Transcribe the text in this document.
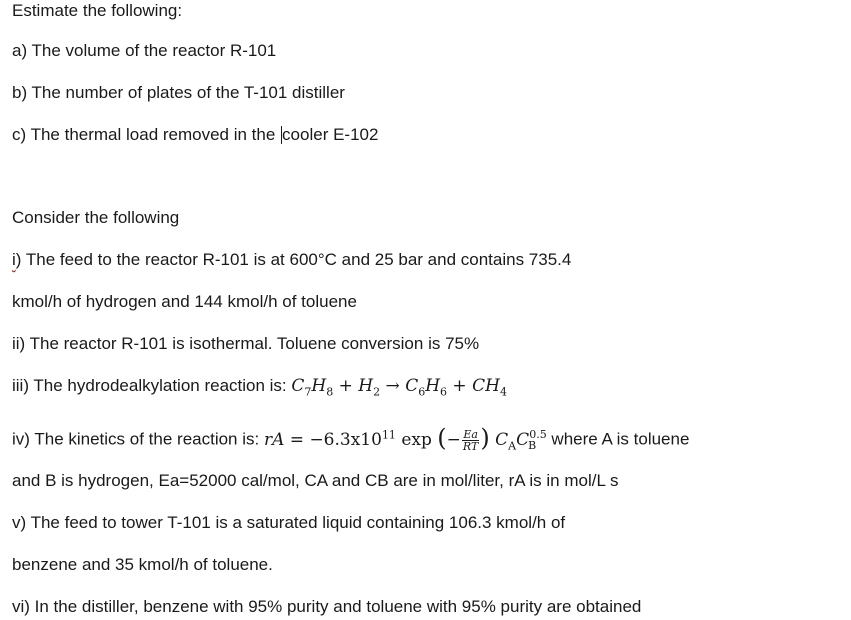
Estimate the following:
a) The volume of the reactor R-101
b) The number of plates of the T-101 distiller
c) The thermal load removed in the cooler E-102
Consider the following
i) The feed to the reactor R-101 is at 600°C and 25 bar and contains 735.4
kmol/h of hydrogen and 144 kmol/h of toluene
ii) The reactor R-101 is isothermal. Toluene conversion is 75%
iii) The hydrodealkylation reaction is: $C_7H_8 + H_2 \to C_6H_6 + CH_4$
iv) The kinetics of the reaction is: rA = $-6.3x10^{11}$ exp (− $\frac{Ea}{RT}$ ) $C_AC_B^{0.5}$ where A is toluene
and B is hydrogen, Ea=52000 cal/mol, CA and CB are in mol/liter, rA is in mol/L s
v) The feed to tower T-101 is a saturated liquid containing 106.3 kmol/h of
benzene and 35 kmol/h of toluene.
vi) In the distiller, benzene with 95% purity and toluene with 95% purity are obtained
